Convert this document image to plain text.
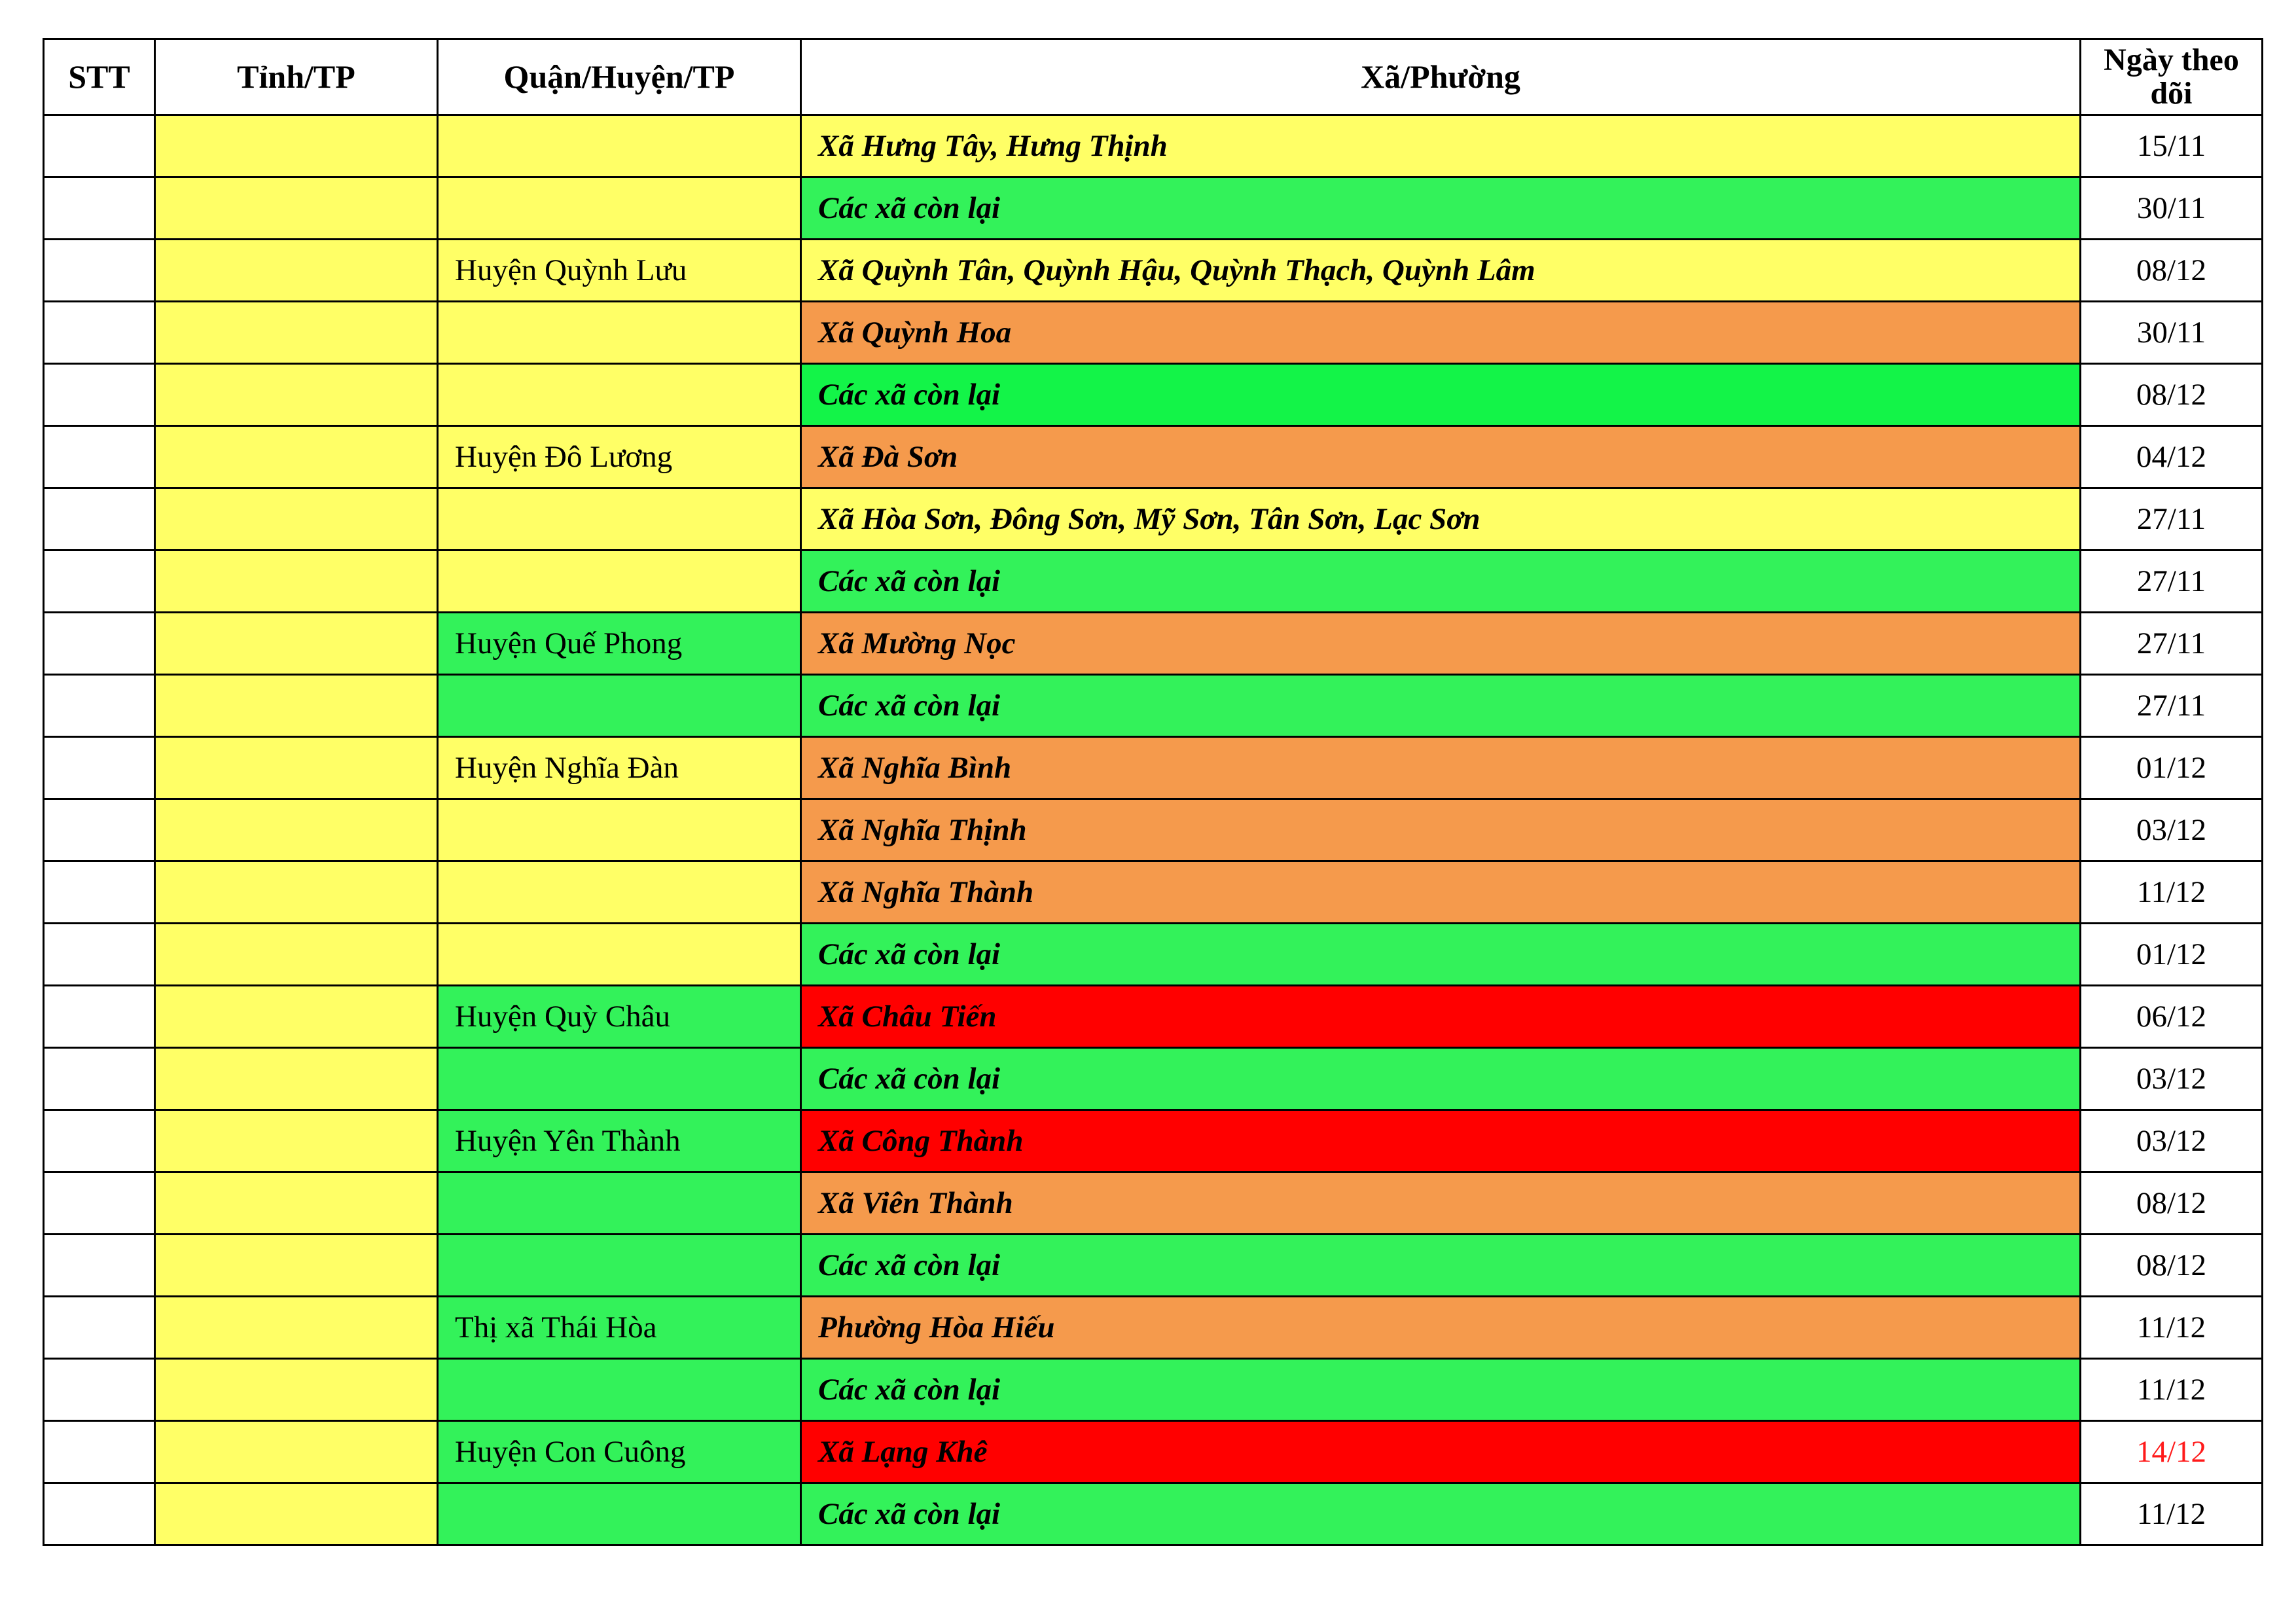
STT	Tỉnh/TP	Quận/Huyện/TP	Xã/Phường	Ngày theo dõi
			Xã Hưng Tây, Hưng Thịnh	15/11
			Các xã còn lại	30/11
		Huyện Quỳnh Lưu	Xã Quỳnh Tân, Quỳnh Hậu, Quỳnh Thạch, Quỳnh Lâm	08/12
			Xã Quỳnh Hoa	30/11
			Các xã còn lại	08/12
		Huyện Đô Lương	Xã Đà Sơn	04/12
			Xã Hòa Sơn, Đông Sơn, Mỹ Sơn, Tân Sơn, Lạc Sơn	27/11
			Các xã còn lại	27/11
		Huyện Quế Phong	Xã Mường Nọc	27/11
			Các xã còn lại	27/11
		Huyện Nghĩa Đàn	Xã Nghĩa Bình	01/12
			Xã Nghĩa Thịnh	03/12
			Xã Nghĩa Thành	11/12
			Các xã còn lại	01/12
		Huyện Quỳ Châu	Xã Châu Tiến	06/12
			Các xã còn lại	03/12
		Huyện Yên Thành	Xã Công Thành	03/12
			Xã Viên Thành	08/12
			Các xã còn lại	08/12
		Thị xã Thái Hòa	Phường Hòa Hiếu	11/12
			Các xã còn lại	11/12
		Huyện Con Cuông	Xã Lạng Khê	14/12
			Các xã còn lại	11/12
